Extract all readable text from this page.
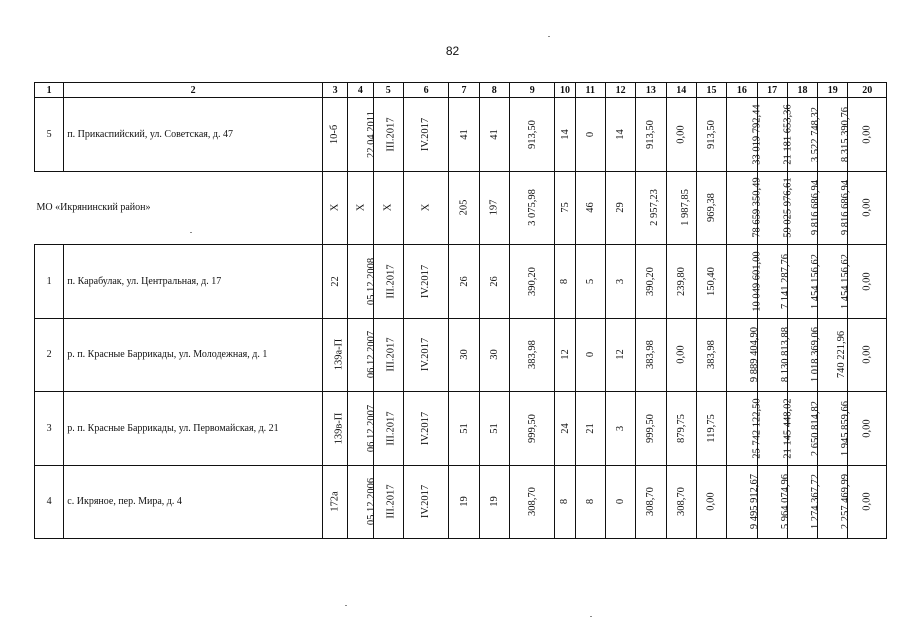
82
1	2	3	4	5	6	7	8	9	10	11	12	13	14	15	16	17	18	19	20
5	п. Прикаспийский, ул. Советская, д. 47	10-б	22.04.2011	III.2017	IV.2017	41	41	913,50	14	0	14	913,50	0,00	913,50	33 019 792,44	21 181 653,36	3 522 748,32	8 315 390,76	0,00
МО «Икрянинский район»		X	X	X	X	205	197	3 075,98	75	46	29	2 957,23	1 987,85	969,38	78 659 350,49	59 025 976,61	9 816 686,94	9 816 686,94	0,00
1	п. Карабулак, ул. Центральная, д. 17	22	05.12.2008	III.2017	IV.2017	26	26	390,20	8	5	3	390,20	239,80	150,40	10 049 601,00	7 141 287,76	1 454 156,62	1 454 156,62	0,00
2	р. п. Красные Баррикады, ул. Молодежная, д. 1	139а-П	06.12.2007	III.2017	IV.2017	30	30	383,98	12	0	12	383,98	0,00	383,98	9 889 404,90	8 130 813,88	1 018 369,06	740 221,96	0,00
3	р. п. Красные Баррикады, ул. Первомайская, д. 21	139в-П	06.12.2007	III.2017	IV.2017	51	51	999,50	24	21	3	999,50	879,75	119,75	25 742 122,50	21 145 448,02	2 650 814,82	1 945 859,66	0,00
4	с. Икряное, пер. Мира, д. 4	172а	05.12.2006	III.2017	IV.2017	19	19	308,70	8	8	0	308,70	308,70	0,00	9 495 912,67	5 964 074,96	1 274 367,72	2 257 469,99	0,00
